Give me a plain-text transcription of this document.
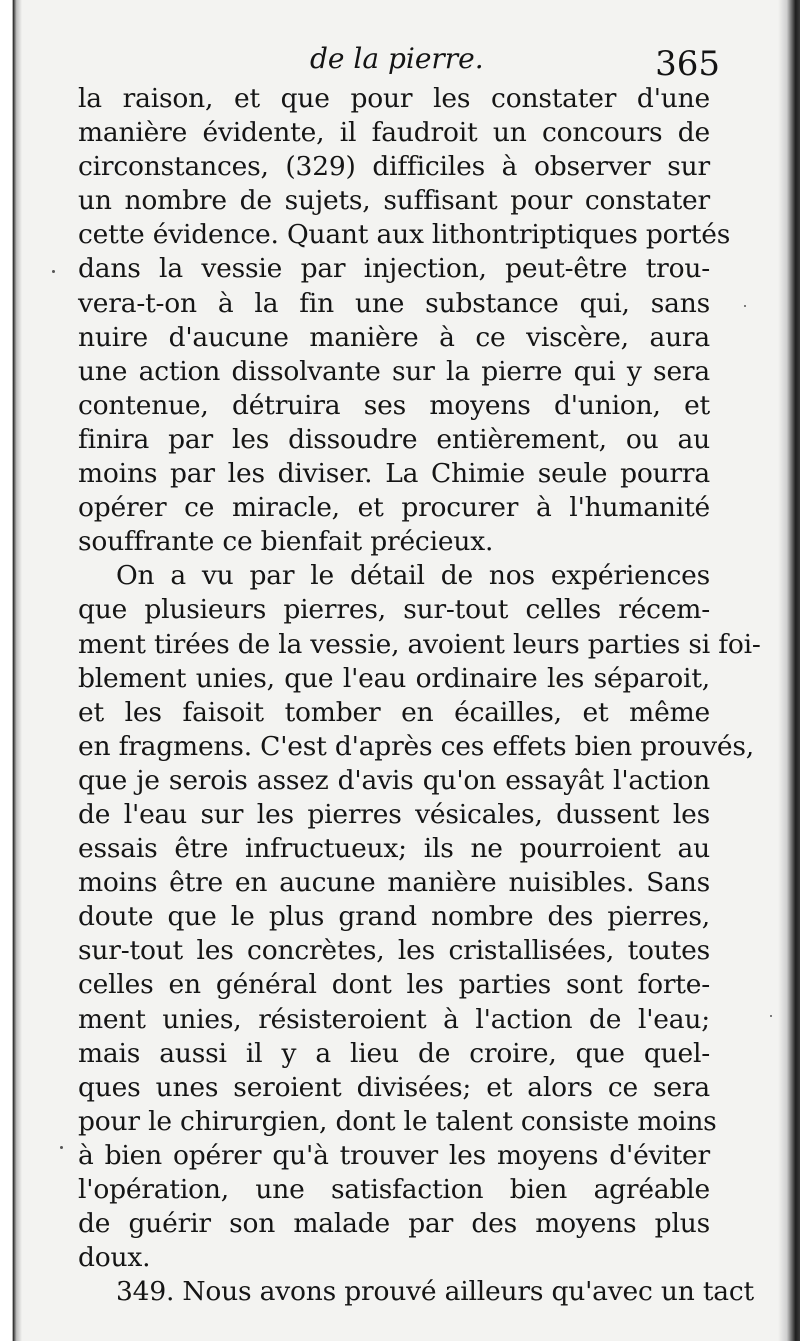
de la pierre.	365
la raison, et que pour les constater d'une
manière évidente, il faudroit un concours de
circonstances, (329) difficiles à observer sur
un nombre de sujets, suffisant pour constater
cette évidence. Quant aux lithontriptiques portés
dans la vessie par injection, peut-être trou-
vera-t-on à la fin une substance qui, sans
nuire d'aucune manière à ce viscère, aura
une action dissolvante sur la pierre qui y sera
contenue, détruira ses moyens d'union, et
finira par les dissoudre entièrement, ou au
moins par les diviser. La Chimie seule pourra
opérer ce miracle, et procurer à l'humanité
souffrante ce bienfait précieux.
On a vu par le détail de nos expériences
que plusieurs pierres, sur-tout celles récem-
ment tirées de la vessie, avoient leurs parties si foi-
blement unies, que l'eau ordinaire les séparoit,
et les faisoit tomber en écailles, et même
en fragmens. C'est d'après ces effets bien prouvés,
que je serois assez d'avis qu'on essayât l'action
de l'eau sur les pierres vésicales, dussent les
essais être infructueux; ils ne pourroient au
moins être en aucune manière nuisibles. Sans
doute que le plus grand nombre des pierres,
sur-tout les concrètes, les cristallisées, toutes
celles en général dont les parties sont forte-
ment unies, résisteroient à l'action de l'eau;
mais aussi il y a lieu de croire, que quel-
ques unes seroient divisées; et alors ce sera
pour le chirurgien, dont le talent consiste moins
à bien opérer qu'à trouver les moyens d'éviter
l'opération, une satisfaction bien agréable
de guérir son malade par des moyens plus
doux.
349. Nous avons prouvé ailleurs qu'avec un tact
